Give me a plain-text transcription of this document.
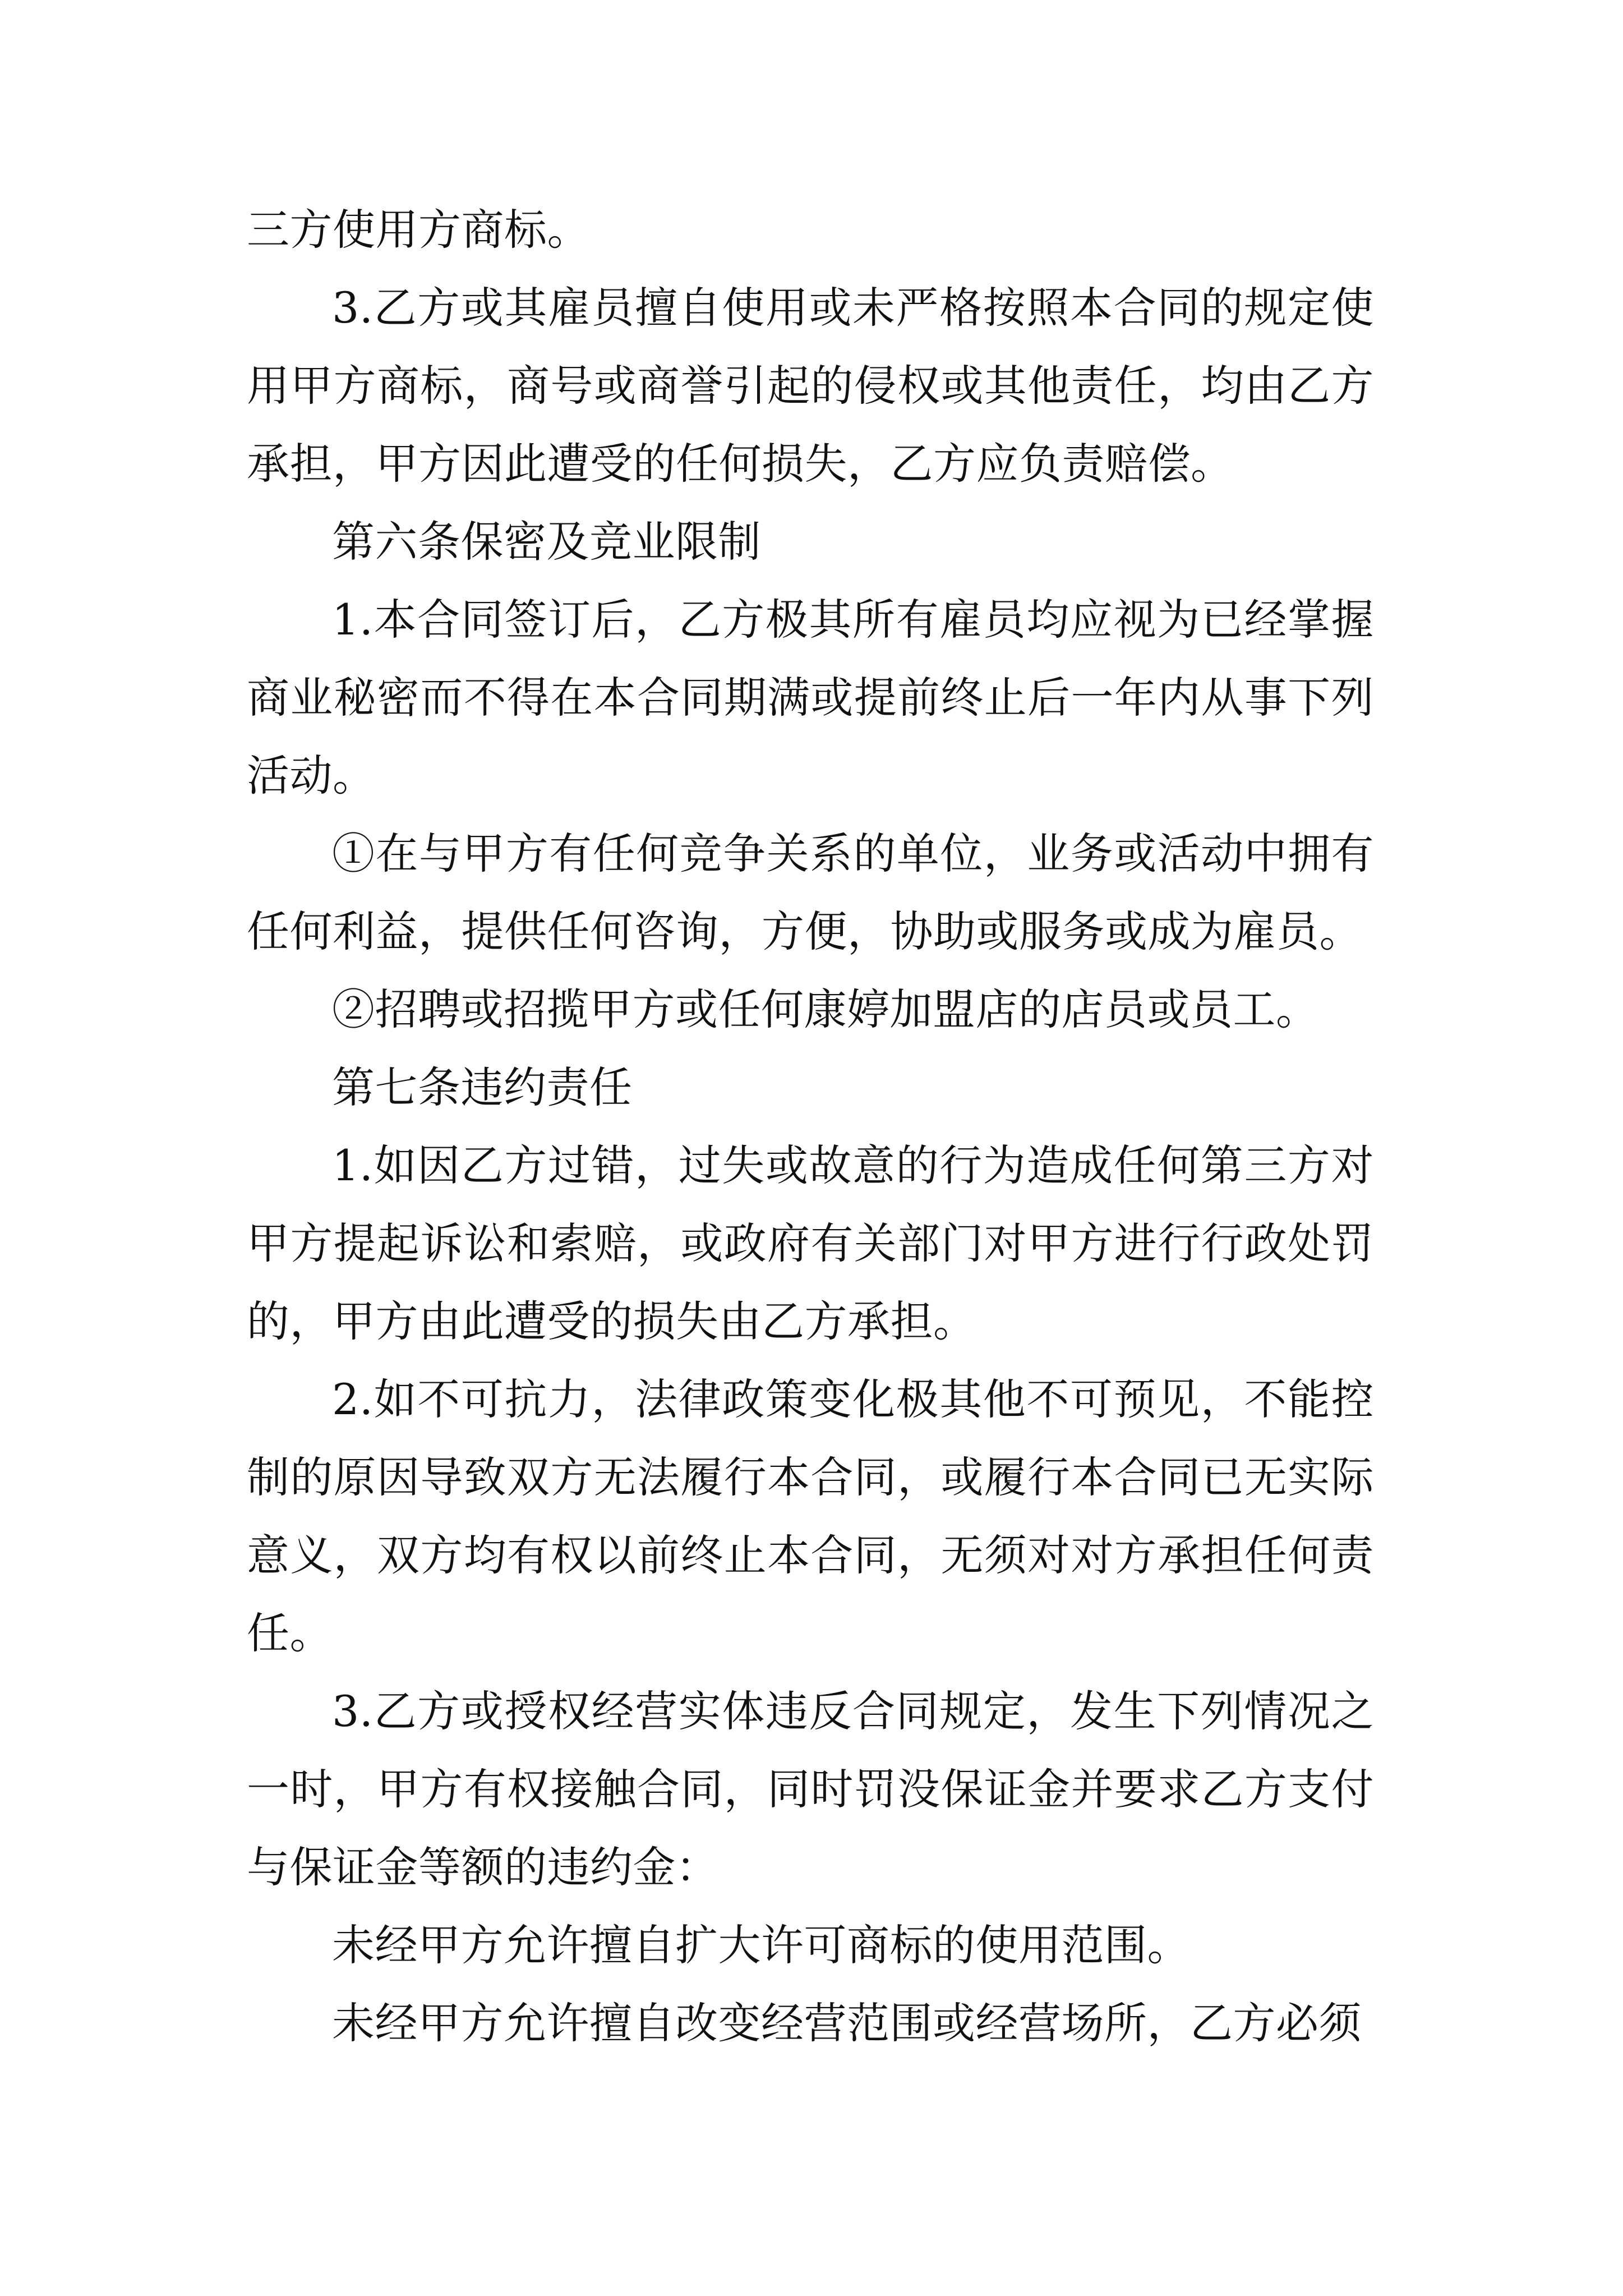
三方使用方商标。

3.乙方或其雇员擅自使用或未严格按照本合同的规定使用甲方商标，商号或商誉引起的侵权或其他责任，均由乙方承担，甲方因此遭受的任何损失，乙方应负责赔偿。

第六条保密及竞业限制

1.本合同签订后，乙方极其所有雇员均应视为已经掌握商业秘密而不得在本合同期满或提前终止后一年内从事下列活动。

①在与甲方有任何竞争关系的单位，业务或活动中拥有任何利益，提供任何咨询，方便，协助或服务或成为雇员。

②招聘或招揽甲方或任何康婷加盟店的店员或员工。

第七条违约责任

1.如因乙方过错，过失或故意的行为造成任何第三方对甲方提起诉讼和索赔，或政府有关部门对甲方进行行政处罚的，甲方由此遭受的损失由乙方承担。

2.如不可抗力，法律政策变化极其他不可预见，不能控制的原因导致双方无法履行本合同，或履行本合同已无实际意义，双方均有权以前终止本合同，无须对对方承担任何责任。

3.乙方或授权经营实体违反合同规定，发生下列情况之一时，甲方有权接触合同，同时罚没保证金并要求乙方支付与保证金等额的违约金：

未经甲方允许擅自扩大许可商标的使用范围。

未经甲方允许擅自改变经营范围或经营场所，乙方必须
